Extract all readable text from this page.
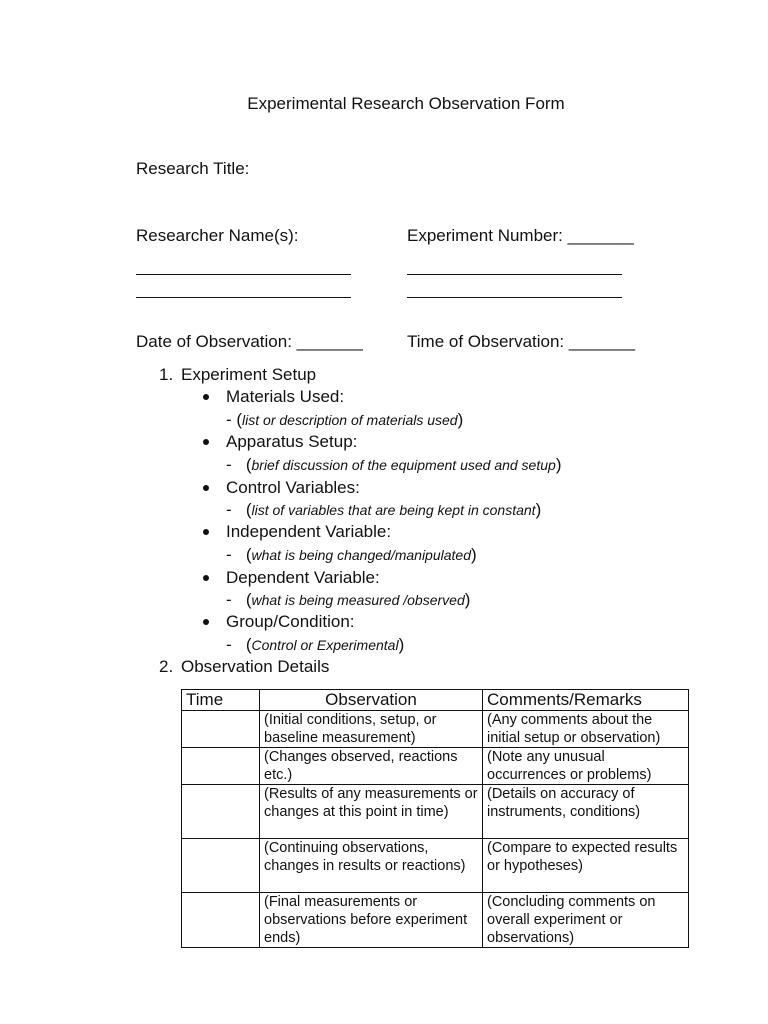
Experimental Research Observation Form
Research Title:
Researcher Name(s):	Experiment Number: _______
Date of Observation: _______	Time of Observation: _______
1. Experiment Setup
Materials Used:
- (list or description of materials used)
Apparatus Setup:
-   (brief discussion of the equipment used and setup)
Control Variables:
-   (list of variables that are being kept in constant)
Independent Variable:
-   (what is being changed/manipulated)
Dependent Variable:
-   (what is being measured /observed)
Group/Condition:
-   (Control or Experimental)
2. Observation Details
Time	Observation	Comments/Remarks
	(Initial conditions, setup, or baseline measurement)	(Any comments about the initial setup or observation)
	(Changes observed, reactions etc.)	(Note any unusual occurrences or problems)
	(Results of any measurements or changes at this point in time)	(Details on accuracy of instruments, conditions)
	(Continuing observations, changes in results or reactions)	(Compare to expected results or hypotheses)
	(Final measurements or observations before experiment ends)	(Concluding comments on overall experiment or observations)
